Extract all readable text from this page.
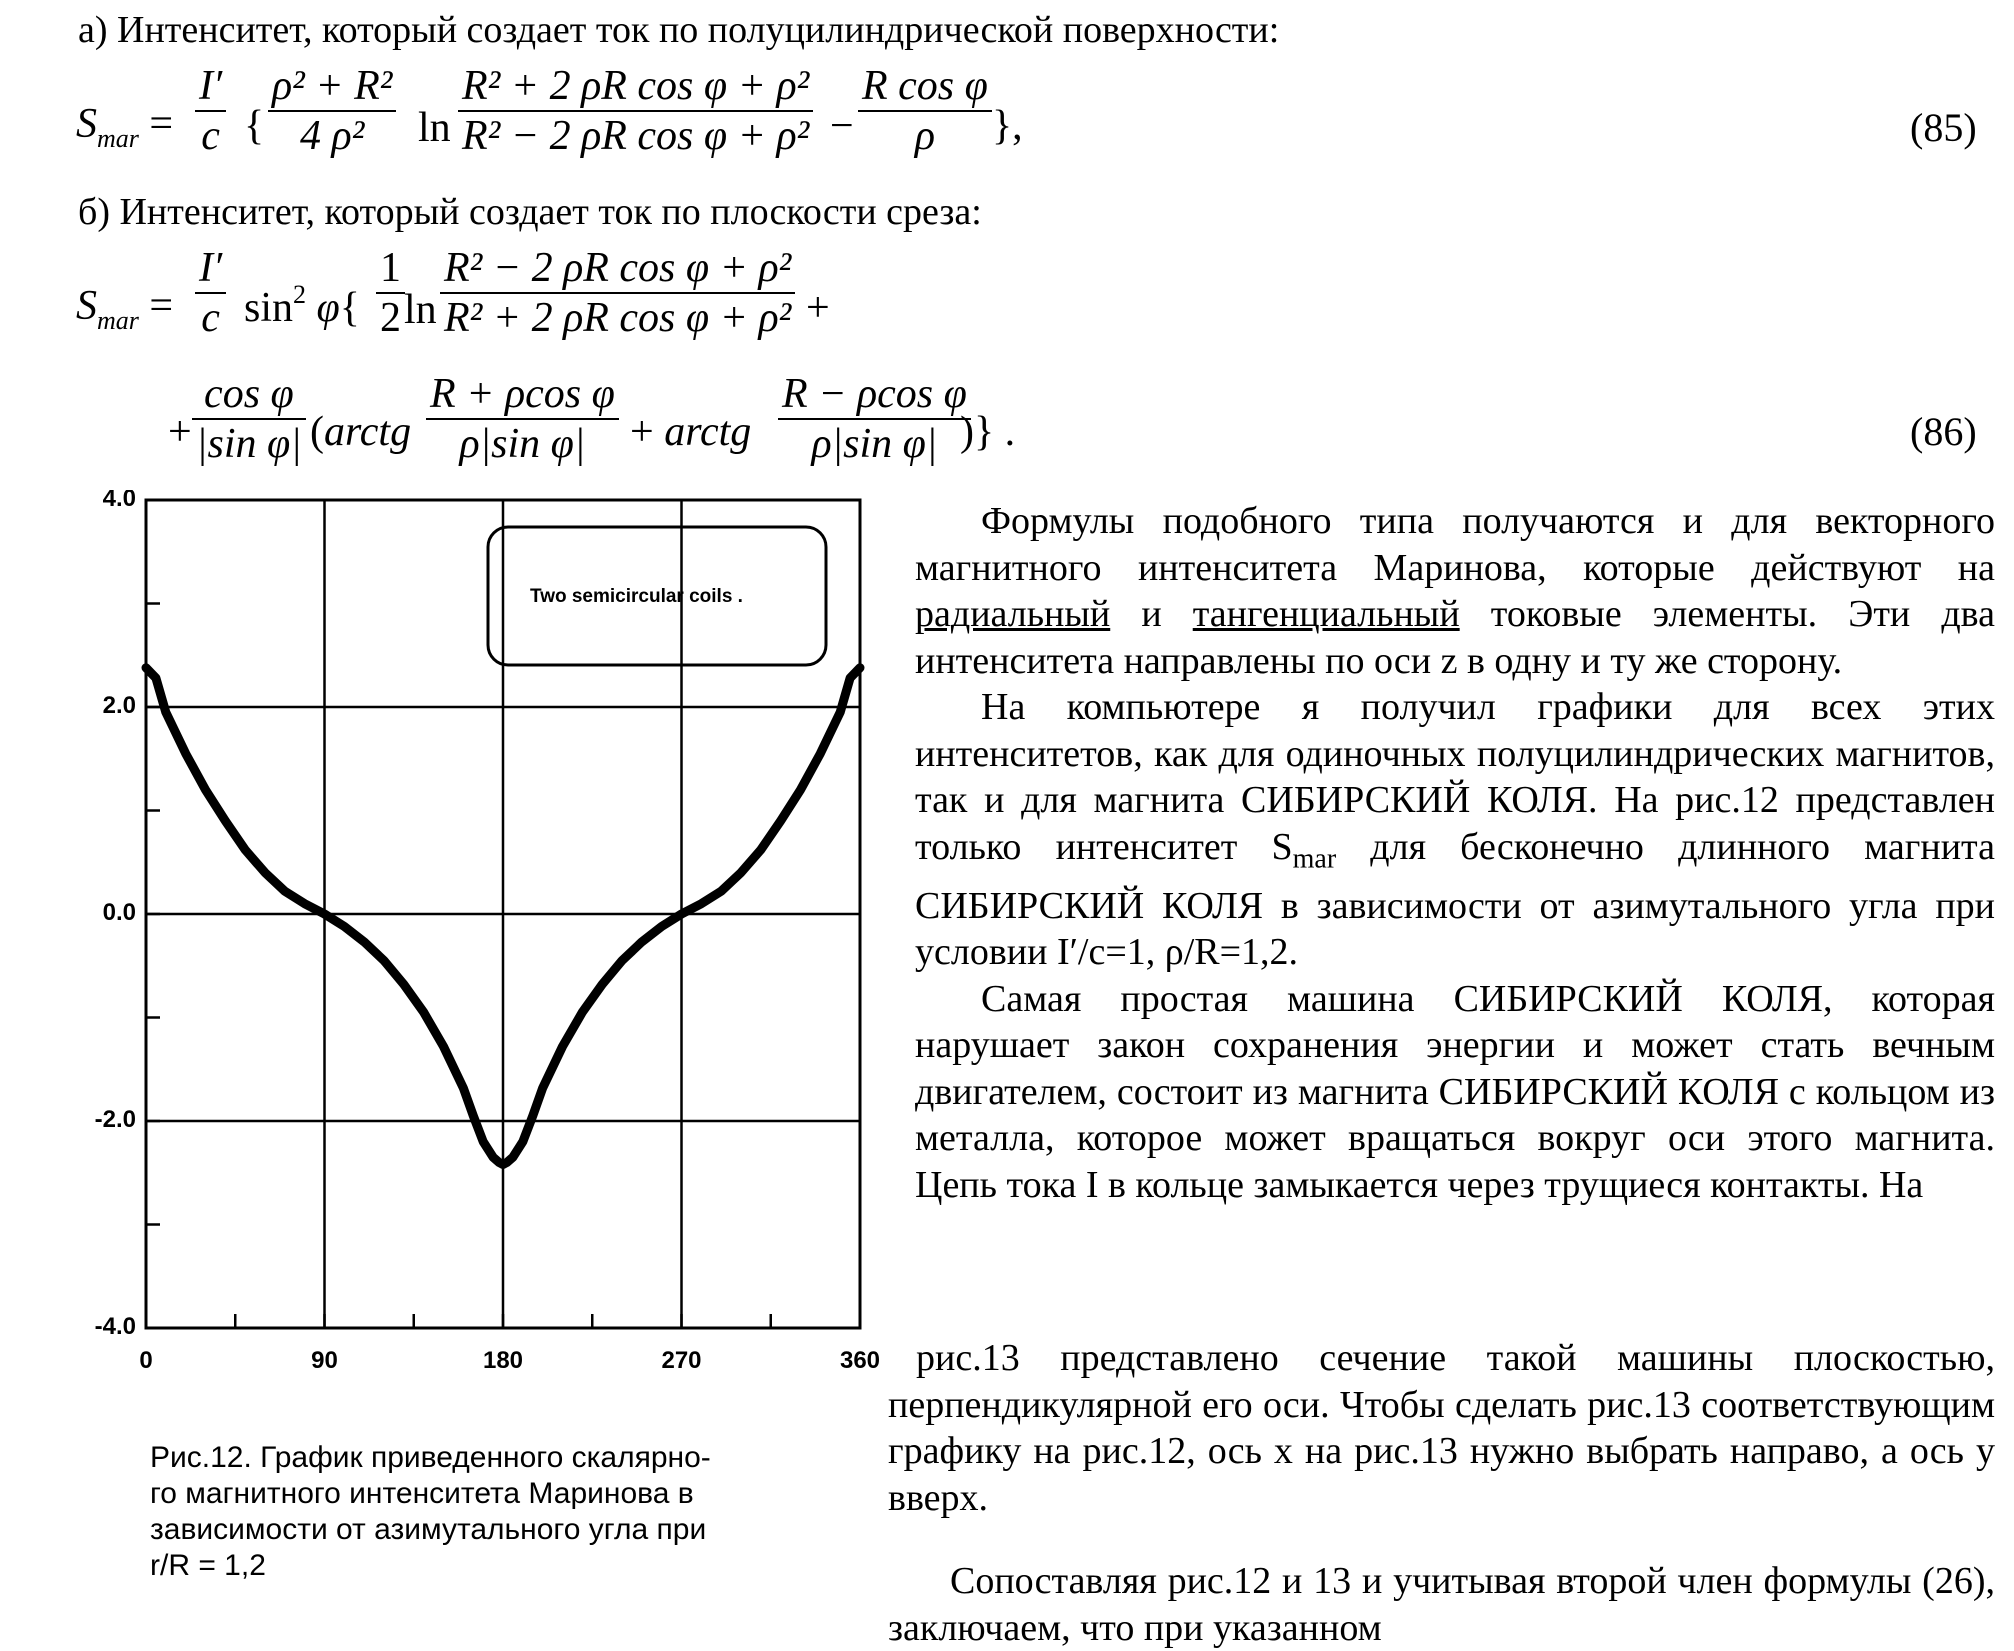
а) Интенситет, который создает ток по полуцилиндрической поверхности:
$S_{mar}$ =
I′
c {
ρ² + R²
4 ρ² ln
R² + 2 ρR cos φ + ρ²
R² − 2 ρR cos φ + ρ² −
R cos φ
ρ },	(85)
б) Интенситет, который создает ток по плоскости среза:
$S_{mar}$ =
I′
c $\sin^2 \varphi${
1
2 ln
R² − 2 ρR cos φ + ρ²
R² + 2 ρR cos φ + ρ² +
+
cos φ
|sin φ| (arctg
R + ρcos φ
ρ|sin φ| + arctg
R − ρcos φ
ρ|sin φ| )} .	(86)
0	90	180	270	360
4.0
2.0
0.0
-2.0
-4.0
Two semicircular coils .
Рис.12. График приведенного скалярно-
го магнитного интенситета Маринова в
зависимости от азимутального угла при
r/R = 1,2

Формулы подобного типа получаются и для векторного магнитного интенситета Маринова, которые действуют на радиальный и тангенциальный токовые элементы. Эти два интенситета направлены по оси z в одну и ту же сторону.

На компьютере я получил графики для всех этих интенситетов, как для одиночных полуцилиндрических магнитов, так и для магнита СИБИРСКИЙ КОЛЯ. На рис.12 представлен только интенситет $S_{mar}$ для бесконечно длинного магнита СИБИРСКИЙ КОЛЯ в зависимости от азимутального угла при условии I′/c=1, ρ/R=1,2.

Самая простая машина СИБИРСКИЙ КОЛЯ, которая нарушает закон сохранения энергии и может стать вечным двигателем, состоит из магнита СИБИРСКИЙ КОЛЯ с кольцом из металла, которое может вращаться вокруг оси этого магнита. Цепь тока I в кольце замыкается через трущиеся контакты. На

рис.13 представлено сечение такой машины плоскостью, перпендикулярной его оси. Чтобы сделать рис.13 соответствующим графику на рис.12, ось x на рис.13 нужно выбрать направо, а ось у вверх.
Сопоставляя рис.12 и 13 и учитывая второй член формулы (26), заключаем, что при указанном
